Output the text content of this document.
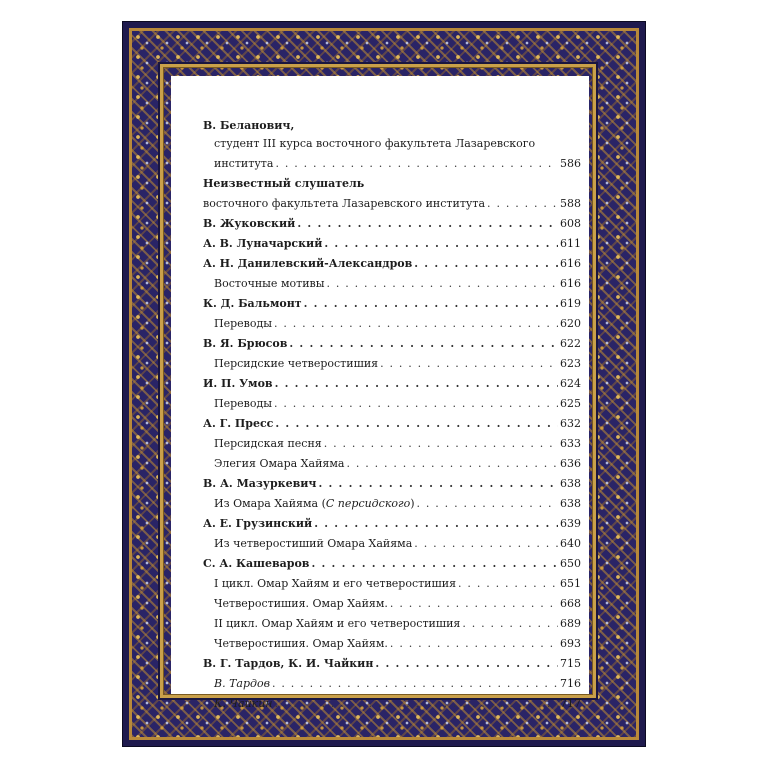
В. Беланович,
студент III курса восточного факультета Лазаревского
института . . .	586
Неизвестный слушатель
восточного факультета Лазаревского института . . .	588
В. Жуковский . . .	608
А. В. Луначарский . . .	611
А. Н. Данилевский-Александров . . .	616
Восточные мотивы . . .	616
К. Д. Бальмонт . . .	619
Переводы . . .	620
В. Я. Брюсов . . .	622
Персидские четверостишия . . .	623
И. П. Умов . . .	624
Переводы . . .	625
А. Г. Пресс . . .	632
Персидская песня . . .	633
Элегия Омара Хайяма . . .	636
В. А. Мазуркевич . . .	638
Из Омара Хайяма (С персидского) . . .	638
А. Е. Грузинский . . .	639
Из четверостиший Омара Хайяма . . .	640
С. А. Кашеваров . . .	650
I цикл. Омар Хайям и его четверостишия . . .	651
Четверостишия. Омар Хайям. . . .	668
II цикл. Омар Хайям и его четверостишия . . .	689
Четверостишия. Омар Хайям. . . .	693
В. Г. Тардов, К. И. Чайкин . . .	715
В. Тардов . . .	716
К. Чайкин . . .	717
